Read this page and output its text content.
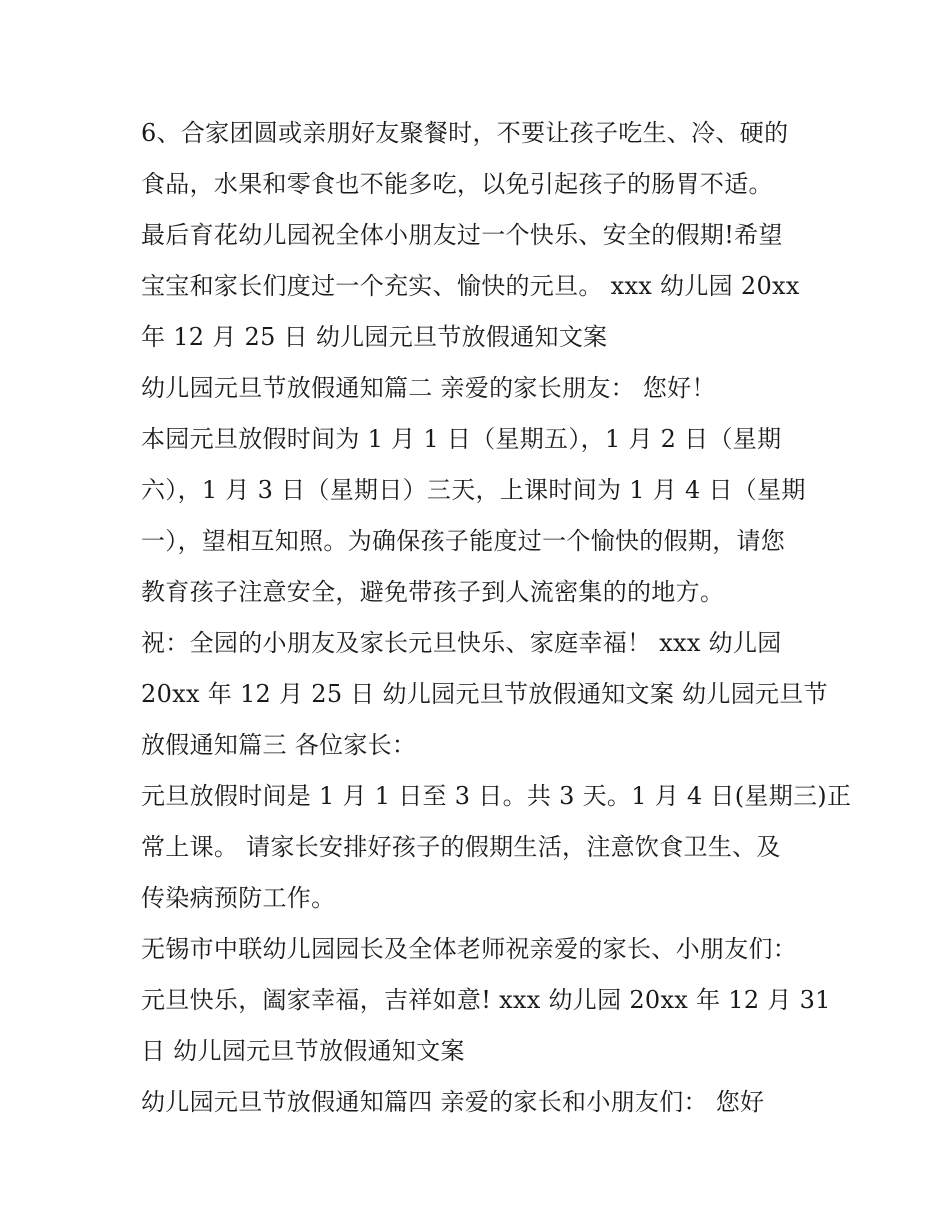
6、合家团圆或亲朋好友聚餐时，不要让孩子吃生、冷、硬的
食品，水果和零食也不能多吃，以免引起孩子的肠胃不适。
最后育花幼儿园祝全体小朋友过一个快乐、安全的假期!希望
宝宝和家长们度过一个充实、愉快的元旦。 xxx 幼儿园 20xx
年 12 月 25 日 幼儿园元旦节放假通知文案
幼儿园元旦节放假通知篇二 亲爱的家长朋友： 您好！
本园元旦放假时间为 1 月 1 日（星期五），1 月 2 日（星期
六），1 月 3 日（星期日）三天，上课时间为 1 月 4 日（星期
一），望相互知照。为确保孩子能度过一个愉快的假期，请您
教育孩子注意安全，避免带孩子到人流密集的的地方。
祝：全园的小朋友及家长元旦快乐、家庭幸福！ xxx 幼儿园
20xx 年 12 月 25 日 幼儿园元旦节放假通知文案 幼儿园元旦节
放假通知篇三 各位家长：
元旦放假时间是 1 月 1 日至 3 日。共 3 天。1 月 4 日(星期三)正
常上课。 请家长安排好孩子的假期生活，注意饮食卫生、及
传染病预防工作。
无锡市中联幼儿园园长及全体老师祝亲爱的家长、小朋友们：
元旦快乐，阖家幸福，吉祥如意! xxx 幼儿园 20xx 年 12 月 31
日 幼儿园元旦节放假通知文案
幼儿园元旦节放假通知篇四 亲爱的家长和小朋友们： 您好
